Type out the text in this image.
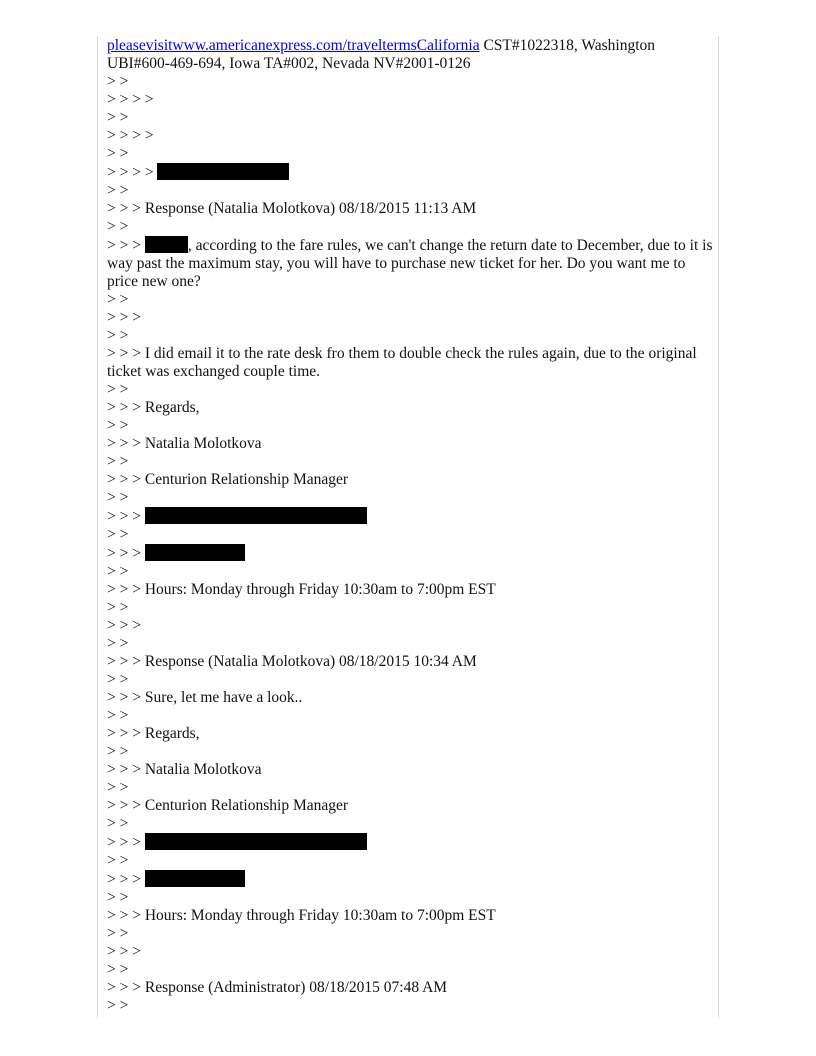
pleasevisitwww.americanexpress.com/traveltermsCalifornia CST#1022318, Washington UBI#600-469-694, Iowa TA#002, Nevada NV#2001-0126
> >
> > > >
> >
> > > >
> >
> > > >
> >
> > > Response (Natalia Molotkova) 08/18/2015 11:13 AM
> >
> > >	, according to the fare rules, we can't change the return date to December, due to it is way past the maximum stay, you will have to purchase new ticket for her. Do you want me to price new one?
> >
> > >
> >
> > > I did email it to the rate desk fro them to double check the rules again, due to the original ticket was exchanged couple time.
> >
> > > Regards,
> >
> > > Natalia Molotkova
> >
> > > Centurion Relationship Manager
> >
> > >
> >
> > >
> >
> > > Hours: Monday through Friday 10:30am to 7:00pm EST
> >
> > >
> >
> > > Response (Natalia Molotkova) 08/18/2015 10:34 AM
> >
> > > Sure, let me have a look..
> >
> > > Regards,
> >
> > > Natalia Molotkova
> >
> > > Centurion Relationship Manager
> >
> > >
> >
> > >
> >
> > > Hours: Monday through Friday 10:30am to 7:00pm EST
> >
> > >
> >
> > > Response (Administrator) 08/18/2015 07:48 AM
> >
